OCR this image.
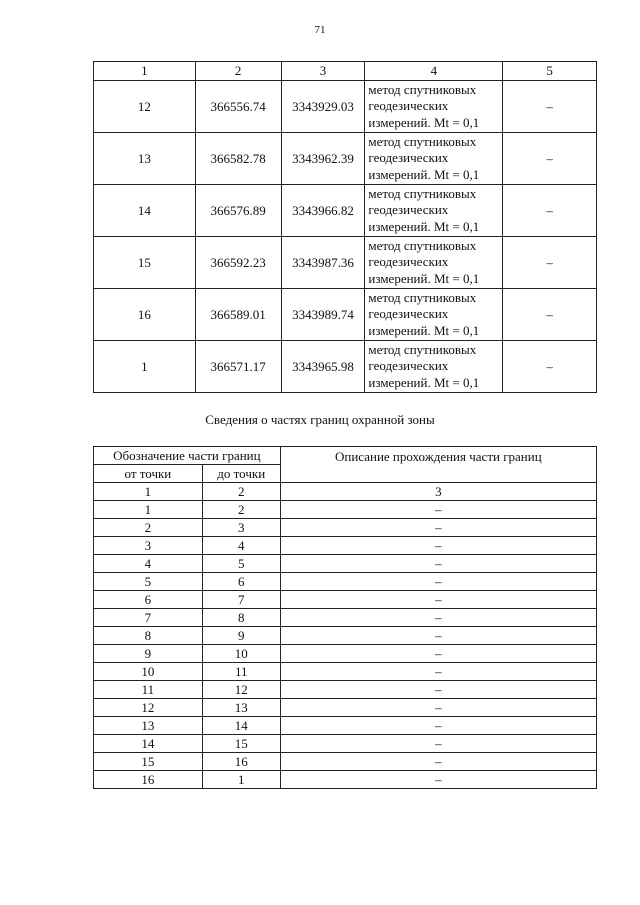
71
1	2	3	4	5
12	366556.74	3343929.03	метод спутниковых
геодезических
измерений. Mt = 0,1	–
13	366582.78	3343962.39	метод спутниковых
геодезических
измерений. Mt = 0,1	–
14	366576.89	3343966.82	метод спутниковых
геодезических
измерений. Mt = 0,1	–
15	366592.23	3343987.36	метод спутниковых
геодезических
измерений. Mt = 0,1	–
16	366589.01	3343989.74	метод спутниковых
геодезических
измерений. Mt = 0,1	–
1	366571.17	3343965.98	метод спутниковых
геодезических
измерений. Mt = 0,1	–
Сведения о частях границ охранной зоны
Обозначение части границ		Описание прохождения части границ
от точки	до точки	
1	2	3
1	2	–
2	3	–
3	4	–
4	5	–
5	6	–
6	7	–
7	8	–
8	9	–
9	10	–
10	11	–
11	12	–
12	13	–
13	14	–
14	15	–
15	16	–
16	1	–
